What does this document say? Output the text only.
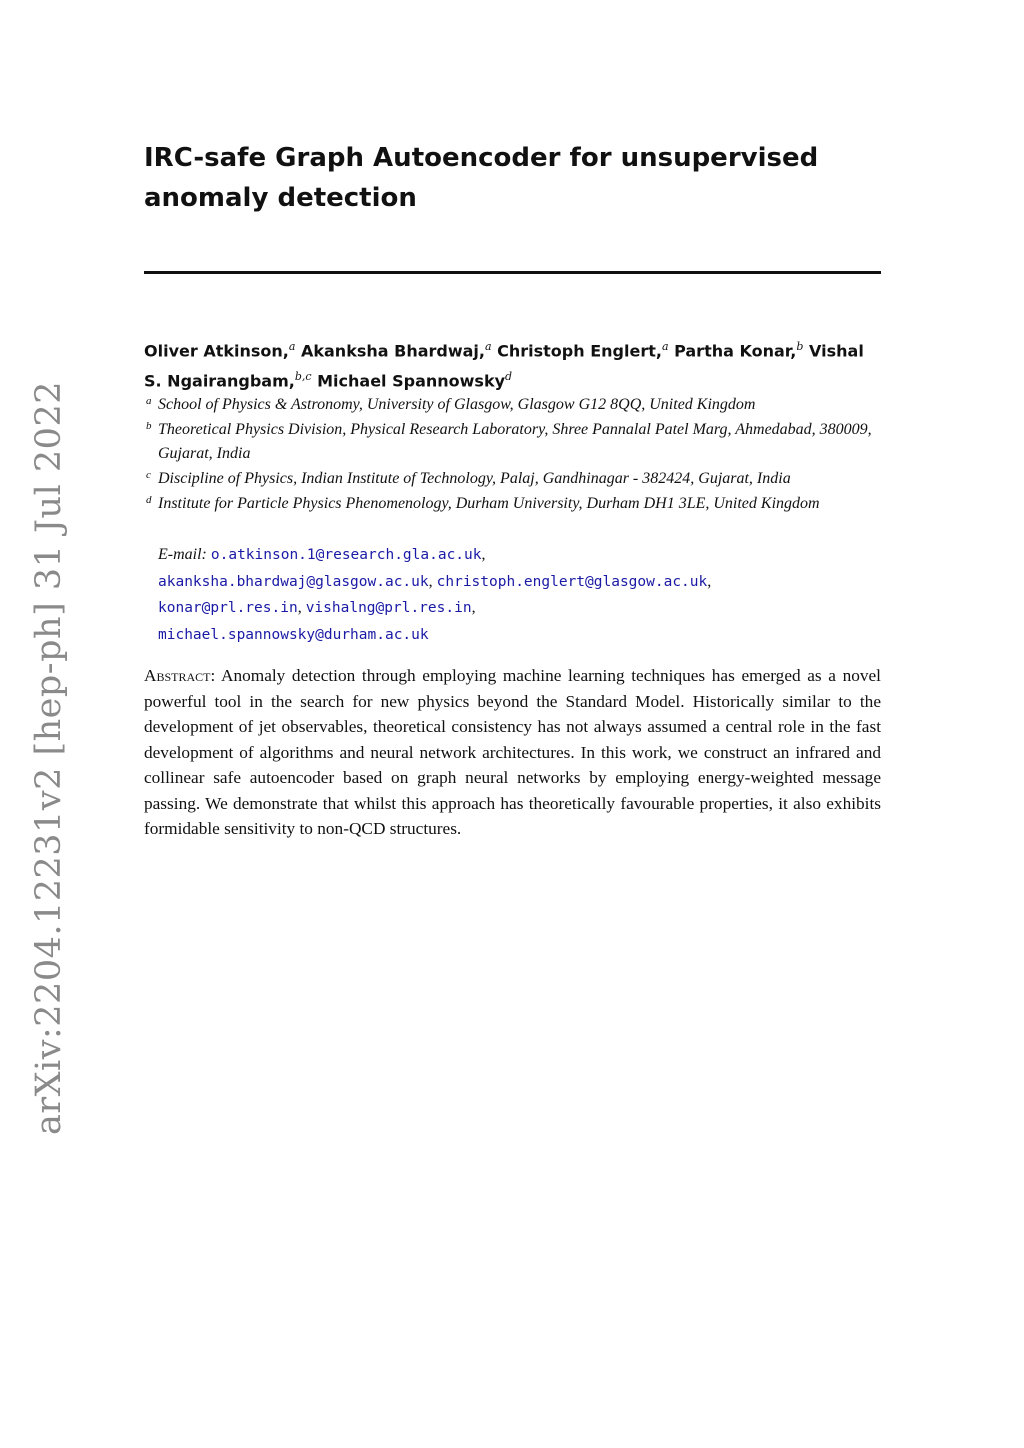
arXiv:2204.12231v2 [hep-ph] 31 Jul 2022
IRC-safe Graph Autoencoder for unsupervised
anomaly detection

Oliver Atkinson,$^a$ Akanksha Bhardwaj,$^a$ Christoph Englert,$^a$ Partha Konar,$^b$ Vishal S. Ngairangbam,$^{b,c}$ Michael Spannowsky$^d$

a School of Physics & Astronomy, University of Glasgow, Glasgow G12 8QQ, United Kingdom
b Theoretical Physics Division, Physical Research Laboratory, Shree Pannalal Patel Marg, Ahmedabad, 380009, Gujarat, India
c Discipline of Physics, Indian Institute of Technology, Palaj, Gandhinagar - 382424, Gujarat, India
d Institute for Particle Physics Phenomenology, Durham University, Durham DH1 3LE, United Kingdom
E-mail: o.atkinson.1@research.gla.ac.uk,
akanksha.bhardwaj@glasgow.ac.uk, christoph.englert@glasgow.ac.uk,
konar@prl.res.in, vishalng@prl.res.in,
michael.spannowsky@durham.ac.uk

Abstract: Anomaly detection through employing machine learning techniques has emerged as a novel powerful tool in the search for new physics beyond the Standard Model. Historically similar to the development of jet observables, theoretical consistency has not always assumed a central role in the fast development of algorithms and neural network architectures. In this work, we construct an infrared and collinear safe autoencoder based on graph neural networks by employing energy-weighted message passing. We demonstrate that whilst this approach has theoretically favourable properties, it also exhibits formidable sensitivity to non-QCD structures.
